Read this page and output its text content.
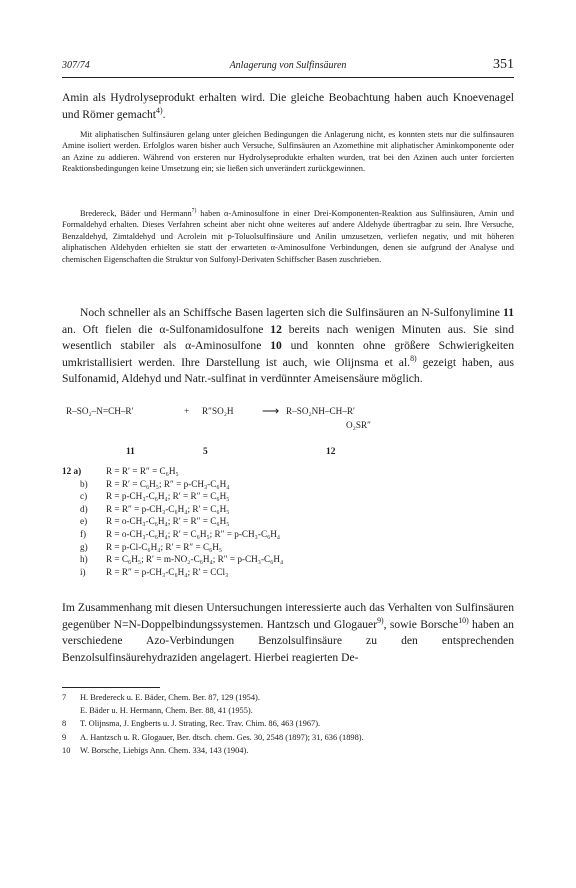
307/74	Anlagerung von Sulfinsäuren	351
Amin als Hydrolyseprodukt erhalten wird. Die gleiche Beobachtung haben auch Knoevenagel und Römer gemacht$^{4)}$.
Mit aliphatischen Sulfinsäuren gelang unter gleichen Bedingungen die Anlagerung nicht, es konnten stets nur die sulfinsauren Amine isoliert werden. Erfolglos waren bisher auch Versuche, Sulfinsäuren an Azomethine mit aliphatischer Aminkomponente oder an Azine zu addieren. Während von ersteren nur Hydrolyseprodukte erhalten wurden, trat bei den Azinen auch unter forcierten Reaktionsbedingungen keine Umsetzung ein; sie ließen sich unverändert zurückgewinnen.
Bredereck, Bäder und Hermann$^{7)}$ haben α-Aminosulfone in einer Drei-Komponenten-Reaktion aus Sulfinsäuren, Amin und Formaldehyd erhalten. Dieses Verfahren scheint aber nicht ohne weiteres auf andere Aldehyde übertragbar zu sein. Ihre Versuche, Benzaldehyd, Zimtaldehyd und Acrolein mit p-Toluolsulfinsäure und Anilin umzusetzen, verliefen negativ, und mit höheren aliphatischen Aldehyden erhielten sie statt der erwarteten α-Aminosulfone Verbindungen, denen sie aufgrund der Analyse und chemischen Eigenschaften die Struktur von Sulfonyl-Derivaten Schiffscher Basen zuschrieben.
Noch schneller als an Schiffsche Basen lagerten sich die Sulfinsäuren an N-Sulfonylimine 11 an. Oft fielen die α-Sulfonamidosulfone 12 bereits nach wenigen Minuten aus. Sie sind wesentlich stabiler als α-Aminosulfone 10 und konnten ohne größere Schwierigkeiten umkristallisiert werden. Ihre Darstellung ist auch, wie Olijnsma et al.$^{8)}$ gezeigt haben, aus Sulfonamid, Aldehyd und Natr.-sulfinat in verdünnter Ameisensäure möglich.
R–SO₂–N=CH–R′	+ R″SO₂H ⟶ R–SO₂NH–CH–R′
O₂SR″
11	5	12
12 a)	R = R′ = R″ = C₆H₅
b)	R = R′ = C₆H₅; R″ = p-CH₃-C₆H₄
c)	R = p-CH₃-C₆H₄; R′ = R″ = C₆H₅
d)	R = R″ = p-CH₃-C₆H₄; R′ = C₆H₅
e)	R = o-CH₃-C₆H₄; R′ = R″ = C₆H₅
f)	R = o-CH₃-C₆H₄; R′ = C₆H₅; R″ = p-CH₃-C₆H₄
g)	R = p-Cl-C₆H₄; R′ = R″ = C₆H₅
h)	R = C₆H₅; R′ = m-NO₂-C₆H₄; R″ = p-CH₃-C₆H₄
i)	R = R″ = p-CH₃-C₆H₄; R′ = CCl₃
Im Zusammenhang mit diesen Untersuchungen interessierte auch das Verhalten von Sulfinsäuren gegenüber N=N-Doppelbindungssystemen. Hantzsch und Glogauer$^{9)}$, sowie Borsche$^{10)}$ haben an verschiedene Azo-Verbindungen Benzolsulfinsäure zu den entsprechenden Benzolsulfinsäurehydraziden angelagert. Hierbei reagierten De-
7 H. Bredereck u. E. Bäder, Chem. Ber. 87, 129 (1954).
E. Bäder u. H. Hermann, Chem. Ber. 88, 41 (1955).
8 T. Olijnsma, J. Engberts u. J. Strating, Rec. Trav. Chim. 86, 463 (1967).
9 A. Hantzsch u. R. Glogauer, Ber. dtsch. chem. Ges. 30, 2548 (1897); 31, 636 (1898).
10 W. Borsche, Liebigs Ann. Chem. 334, 143 (1904).
